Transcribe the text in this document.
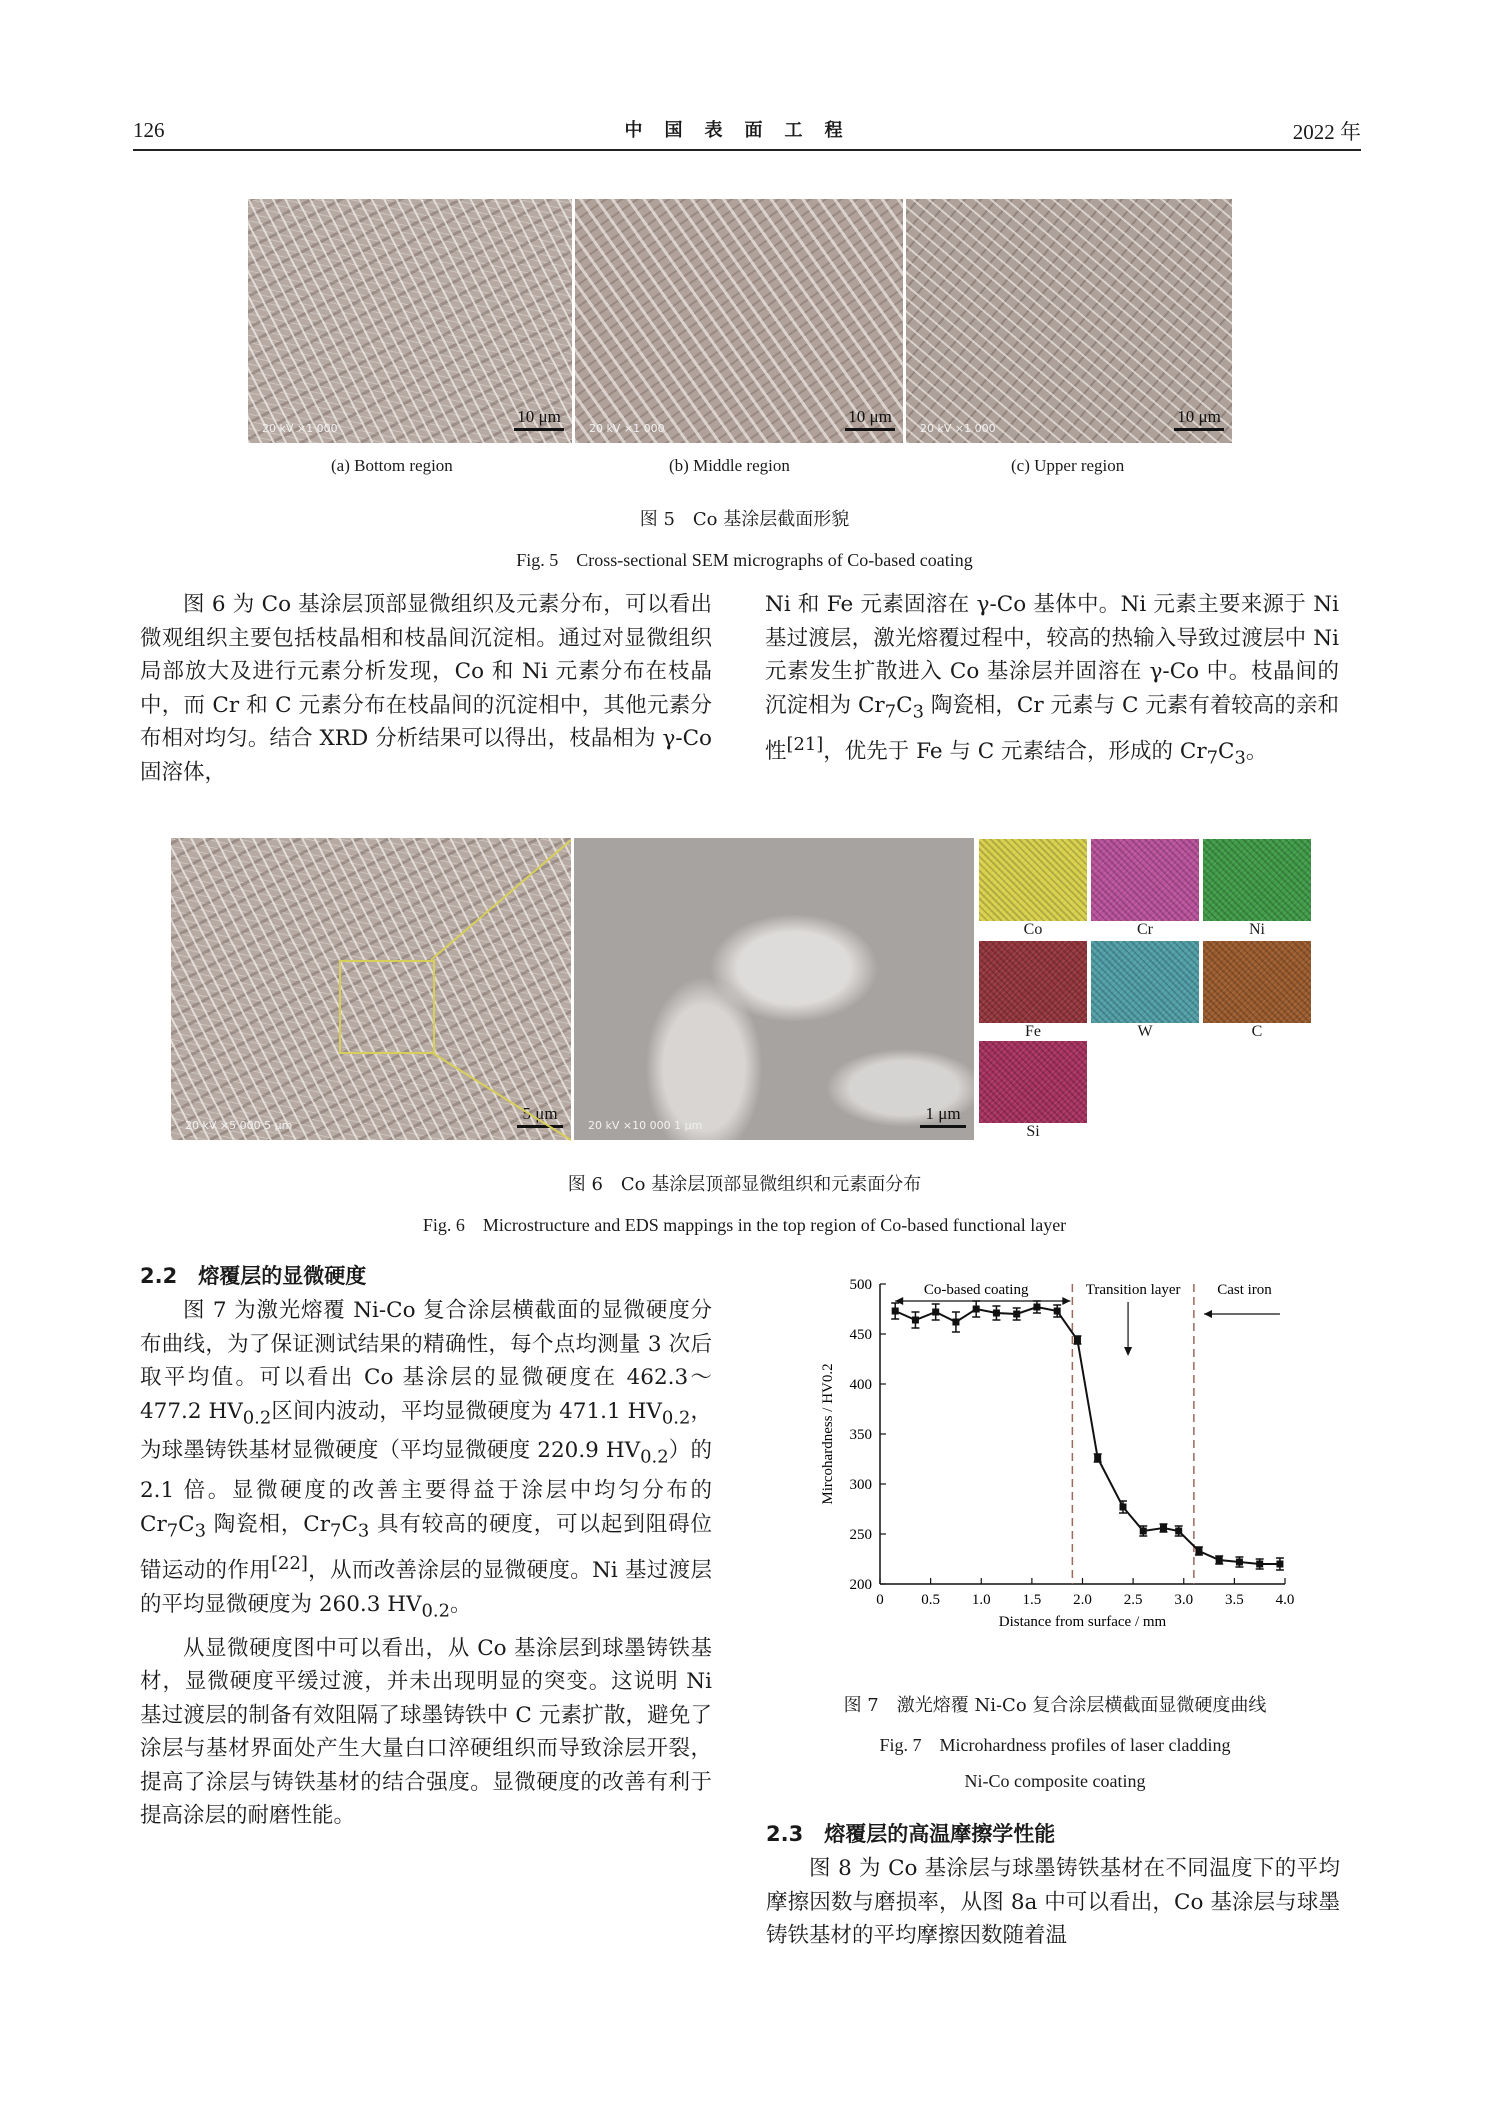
126	中国表面工程	2022 年
20 kV ×1 000
10 μm
20 kV ×1 000
10 μm
20 kV ×1 000
10 μm
(a) Bottom region	(b) Middle region	(c) Upper region
图 5　Co 基涂层截面形貌
Fig. 5　Cross-sectional SEM micrographs of Co-based coating

图 6 为 Co 基涂层顶部显微组织及元素分布，可以看出微观组织主要包括枝晶相和枝晶间沉淀相。通过对显微组织局部放大及进行元素分析发现，Co 和 Ni 元素分布在枝晶中，而 Cr 和 C 元素分布在枝晶间的沉淀相中，其他元素分布相对均匀。结合 XRD 分析结果可以得出，枝晶相为 γ-Co 固溶体，

Ni 和 Fe 元素固溶在 γ-Co 基体中。Ni 元素主要来源于 Ni 基过渡层，激光熔覆过程中，较高的热输入导致过渡层中 Ni 元素发生扩散进入 Co 基涂层并固溶在 γ-Co 中。枝晶间的沉淀相为 $Cr_7C_3$ 陶瓷相，Cr 元素与 C 元素有着较高的亲和性[21]，优先于 Fe 与 C 元素结合，形成的 $Cr_7C_3$。

20 kV ×5 000 5 μm
5 μm
20 kV ×10 000 1 μm
1 μm
Co	Cr	Ni
Fe	W	C
Si
图 6　Co 基涂层顶部显微组织和元素面分布
Fig. 6　Microstructure and EDS mappings in the top region of Co-based functional layer
2.2　熔覆层的显微硬度

图 7 为激光熔覆 Ni-Co 复合涂层横截面的显微硬度分布曲线，为了保证测试结果的精确性，每个点均测量 3 次后取平均值。可以看出 Co 基涂层的显微硬度在 462.3～477.2 $HV_{0.2}$区间内波动，平均显微硬度为 471.1 $HV_{0.2}$，为球墨铸铁基材显微硬度（平均显微硬度 220.9 $HV_{0.2}$）的 2.1 倍。显微硬度的改善主要得益于涂层中均匀分布的 $Cr_7C_3$ 陶瓷相，$Cr_7C_3$ 具有较高的硬度，可以起到阻碍位错运动的作用[22]，从而改善涂层的显微硬度。Ni 基过渡层的平均显微硬度为 260.3 $HV_{0.2}$。

从显微硬度图中可以看出，从 Co 基涂层到球墨铸铁基材，显微硬度平缓过渡，并未出现明显的突变。这说明 Ni 基过渡层的制备有效阻隔了球墨铸铁中 C 元素扩散，避免了涂层与基材界面处产生大量白口淬硬组织而导致涂层开裂，提高了涂层与铸铁基材的结合强度。显微硬度的改善有利于提高涂层的耐磨性能。

200
250
300
350
400
450
500
0	0.5 1.0 1.5 2.0 2.5 3.0 3.5 4.0
Distance from surface / mm
Mircohardness / HV0.2
Co-based coating	Transition layer Cast iron
图 7　激光熔覆 Ni-Co 复合涂层横截面显微硬度曲线
Fig. 7　Microhardness profiles of laser cladding
Ni-Co composite coating
2.3　熔覆层的高温摩擦学性能

图 8 为 Co 基涂层与球墨铸铁基材在不同温度下的平均摩擦因数与磨损率，从图 8a 中可以看出，Co 基涂层与球墨铸铁基材的平均摩擦因数随着温
